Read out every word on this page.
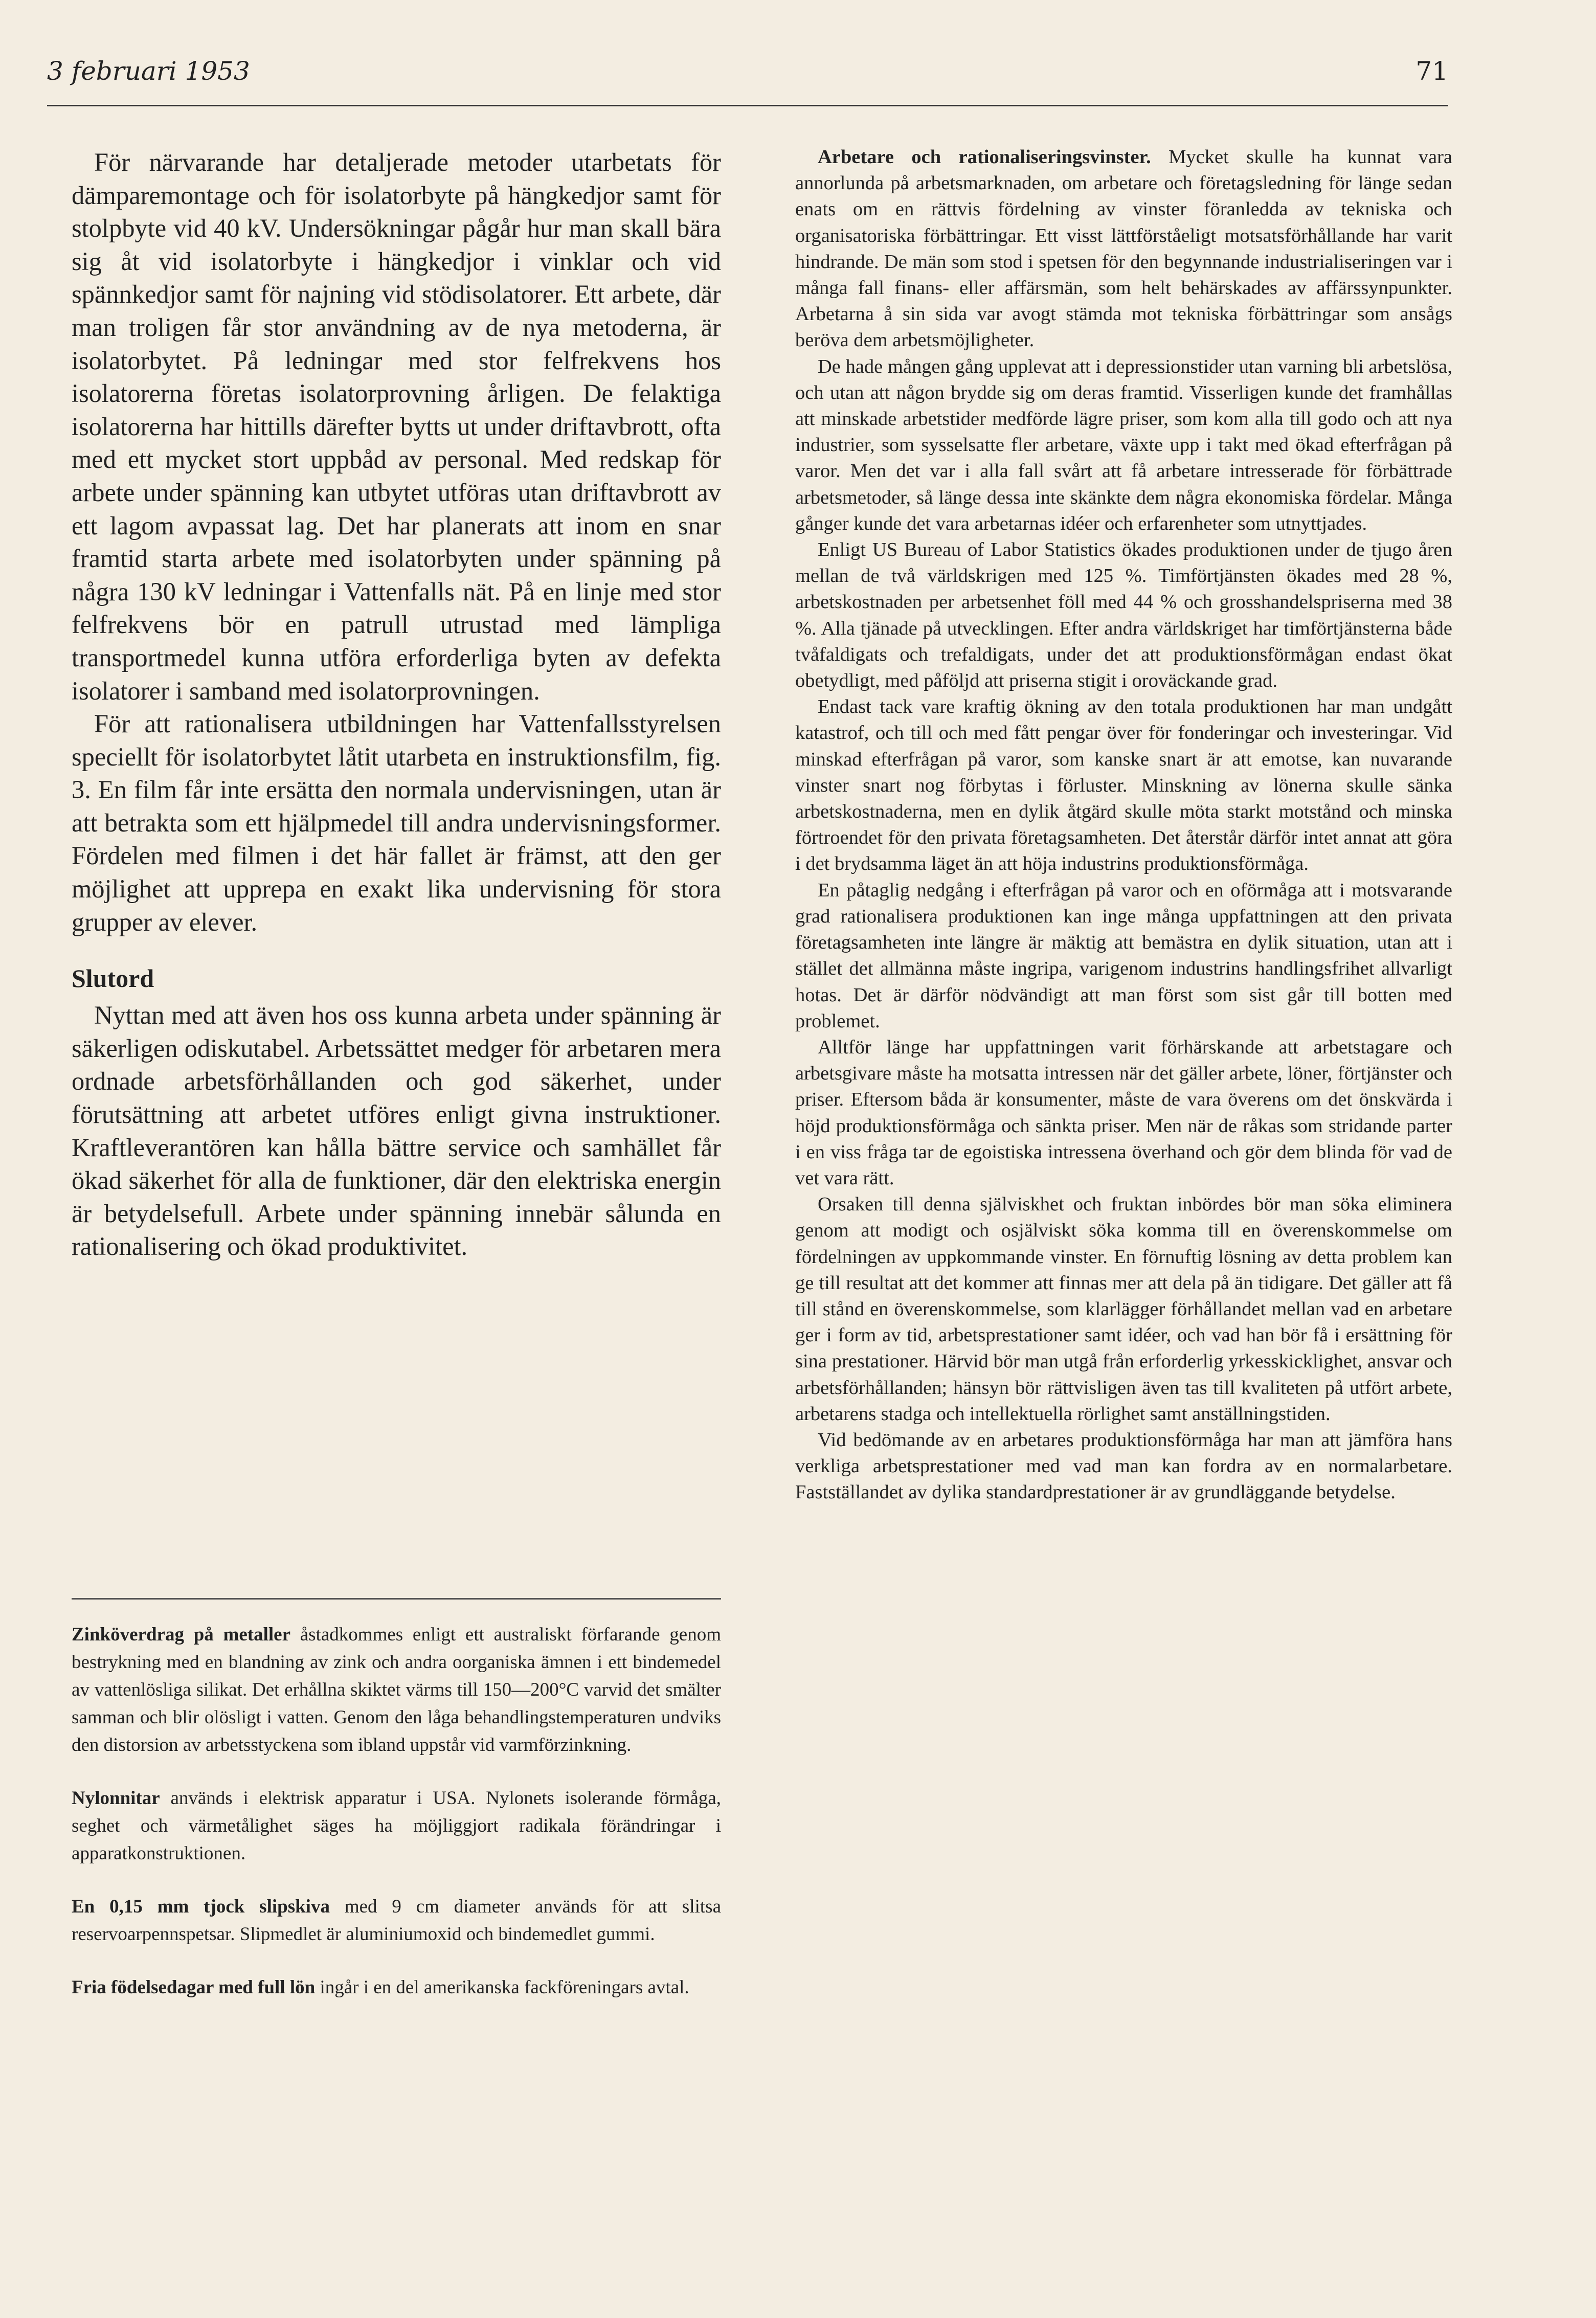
3 februari 1953	71

För närvarande har detaljerade metoder utarbetats för dämparemontage och för isolatorbyte på hängkedjor samt för stolpbyte vid 40 kV. Undersökningar pågår hur man skall bära sig åt vid isolatorbyte i hängkedjor i vinklar och vid spännkedjor samt för najning vid stödisolatorer. Ett arbete, där man troligen får stor användning av de nya metoderna, är isolatorbytet. På ledningar med stor felfrekvens hos isolatorerna företas isolatorprovning årligen. De felaktiga isolatorerna har hittills därefter bytts ut under driftavbrott, ofta med ett mycket stort uppbåd av personal. Med redskap för arbete under spänning kan utbytet utföras utan driftavbrott av ett lagom avpassat lag. Det har planerats att inom en snar framtid starta arbete med isolatorbyten under spänning på några 130 kV ledningar i Vattenfalls nät. På en linje med stor felfrekvens bör en patrull utrustad med lämpliga transportmedel kunna utföra erforderliga byten av defekta isolatorer i samband med isolatorprovningen.

För att rationalisera utbildningen har Vattenfallsstyrelsen speciellt för isolatorbytet låtit utarbeta en instruktionsfilm, fig. 3. En film får inte ersätta den normala undervisningen, utan är att betrakta som ett hjälpmedel till andra undervisningsformer. Fördelen med filmen i det här fallet är främst, att den ger möjlighet att upprepa en exakt lika undervisning för stora grupper av elever.

Slutord

Nyttan med att även hos oss kunna arbeta under spänning är säkerligen odiskutabel. Arbetssättet medger för arbetaren mera ordnade arbetsförhållanden och god säkerhet, under förutsättning att arbetet utföres enligt givna instruktioner. Kraftleverantören kan hålla bättre service och samhället får ökad säkerhet för alla de funktioner, där den elektriska energin är betydelsefull. Arbete under spänning innebär sålunda en rationalisering och ökad produktivitet.

Zinköverdrag på metaller åstadkommes enligt ett australiskt förfarande genom bestrykning med en blandning av zink och andra oorganiska ämnen i ett bindemedel av vattenlösliga silikat. Det erhållna skiktet värms till 150—200°C varvid det smälter samman och blir olösligt i vatten. Genom den låga behandlingstemperaturen undviks den distorsion av arbetsstyckena som ibland uppstår vid varmförzinkning.

Nylonnitar används i elektrisk apparatur i USA. Nylonets isolerande förmåga, seghet och värmetålighet säges ha möjliggjort radikala förändringar i apparatkonstruktionen.

En 0,15 mm tjock slipskiva med 9 cm diameter används för att slitsa reservoarpennspetsar. Slipmedlet är aluminiumoxid och bindemedlet gummi.

Fria födelsedagar med full lön ingår i en del amerikanska fackföreningars avtal.

Arbetare och rationaliseringsvinster. Mycket skulle ha kunnat vara annorlunda på arbetsmarknaden, om arbetare och företagsledning för länge sedan enats om en rättvis fördelning av vinster föranledda av tekniska och organisatoriska förbättringar. Ett visst lättförståeligt motsatsförhållande har varit hindrande. De män som stod i spetsen för den begynnande industrialiseringen var i många fall finans- eller affärsmän, som helt behärskades av affärssynpunkter. Arbetarna å sin sida var avogt stämda mot tekniska förbättringar som ansågs beröva dem arbetsmöjligheter.

De hade mången gång upplevat att i depressionstider utan varning bli arbetslösa, och utan att någon brydde sig om deras framtid. Visserligen kunde det framhållas att minskade arbetstider medförde lägre priser, som kom alla till godo och att nya industrier, som sysselsatte fler arbetare, växte upp i takt med ökad efterfrågan på varor. Men det var i alla fall svårt att få arbetare intresserade för förbättrade arbetsmetoder, så länge dessa inte skänkte dem några ekonomiska fördelar. Många gånger kunde det vara arbetarnas idéer och erfarenheter som utnyttjades.

Enligt US Bureau of Labor Statistics ökades produktionen under de tjugo åren mellan de två världskrigen med 125 %. Timförtjänsten ökades med 28 %, arbetskostnaden per arbetsenhet föll med 44 % och grosshandelspriserna med 38 %. Alla tjänade på utvecklingen. Efter andra världskriget har timförtjänsterna både tvåfaldigats och trefaldigats, under det att produktionsförmågan endast ökat obetydligt, med påföljd att priserna stigit i oroväckande grad.

Endast tack vare kraftig ökning av den totala produktionen har man undgått katastrof, och till och med fått pengar över för fonderingar och investeringar. Vid minskad efterfrågan på varor, som kanske snart är att emotse, kan nuvarande vinster snart nog förbytas i förluster. Minskning av lönerna skulle sänka arbetskostnaderna, men en dylik åtgärd skulle möta starkt motstånd och minska förtroendet för den privata företagsamheten. Det återstår därför intet annat att göra i det brydsamma läget än att höja industrins produktionsförmåga.

En påtaglig nedgång i efterfrågan på varor och en oförmåga att i motsvarande grad rationalisera produktionen kan inge många uppfattningen att den privata företagsamheten inte längre är mäktig att bemästra en dylik situation, utan att i stället det allmänna måste ingripa, varigenom industrins handlingsfrihet allvarligt hotas. Det är därför nödvändigt att man först som sist går till botten med problemet.

Alltför länge har uppfattningen varit förhärskande att arbetstagare och arbetsgivare måste ha motsatta intressen när det gäller arbete, löner, förtjänster och priser. Eftersom båda är konsumenter, måste de vara överens om det önskvärda i höjd produktionsförmåga och sänkta priser. Men när de råkas som stridande parter i en viss fråga tar de egoistiska intressena överhand och gör dem blinda för vad de vet vara rätt.

Orsaken till denna själviskhet och fruktan inbördes bör man söka eliminera genom att modigt och osjälviskt söka komma till en överenskommelse om fördelningen av uppkommande vinster. En förnuftig lösning av detta problem kan ge till resultat att det kommer att finnas mer att dela på än tidigare. Det gäller att få till stånd en överenskommelse, som klarlägger förhållandet mellan vad en arbetare ger i form av tid, arbetsprestationer samt idéer, och vad han bör få i ersättning för sina prestationer. Härvid bör man utgå från erforderlig yrkesskicklighet, ansvar och arbetsförhållanden; hänsyn bör rättvisligen även tas till kvaliteten på utfört arbete, arbetarens stadga och intellektuella rörlighet samt anställningstiden.

Vid bedömande av en arbetares produktionsförmåga har man att jämföra hans verkliga arbetsprestationer med vad man kan fordra av en normalarbetare. Fastställandet av dylika standardprestationer är av grundläggande betydelse.
